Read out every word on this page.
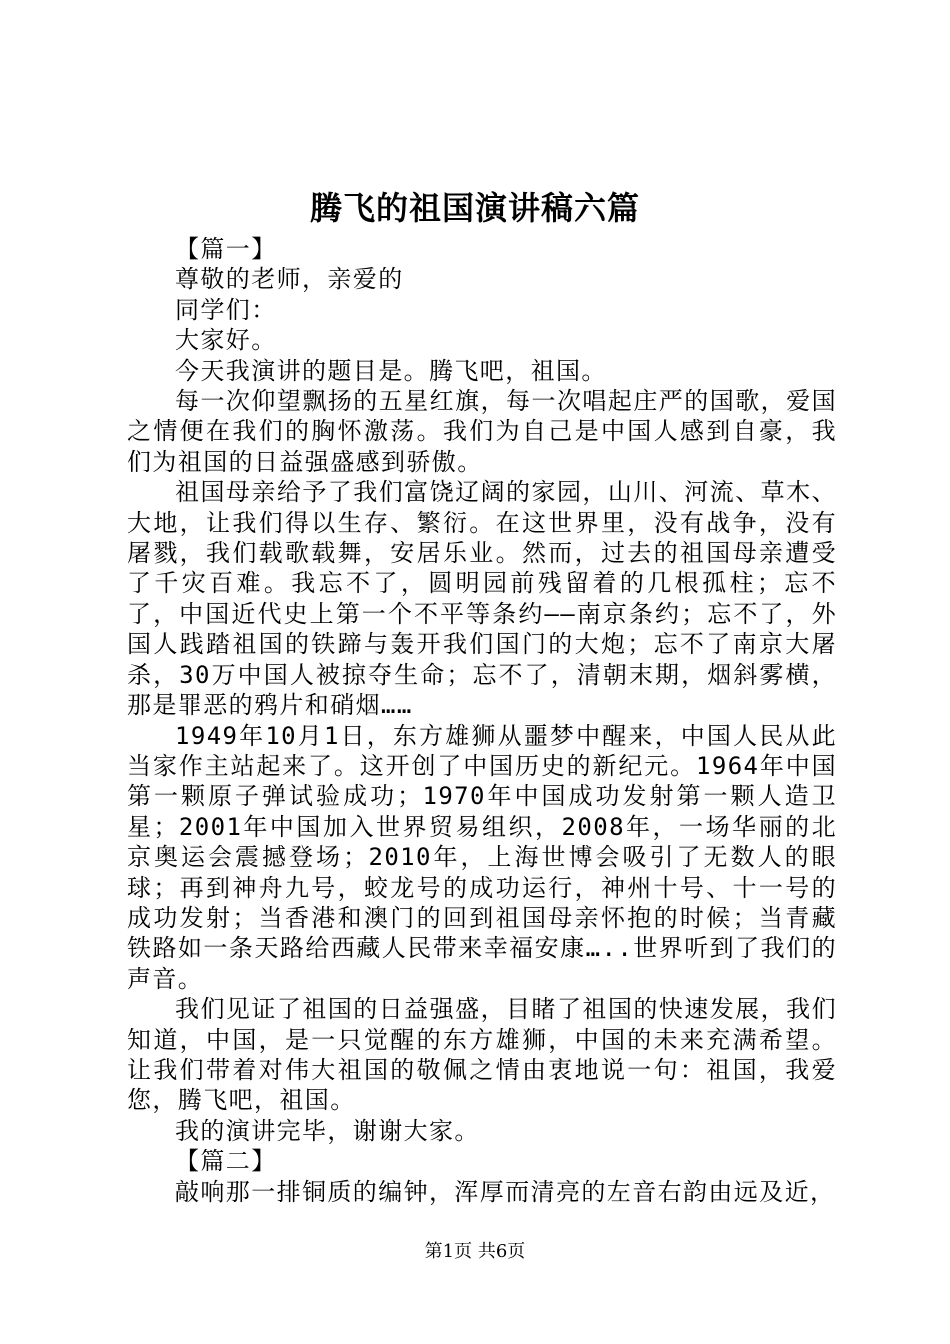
腾飞的祖国演讲稿六篇

【篇一】

尊敬的老师，亲爱的

同学们：

大家好。

今天我演讲的题目是。腾飞吧，祖国。

每一次仰望飘扬的五星红旗，每一次唱起庄严的国歌，爱国之情便在我们的胸怀激荡。我们为自己是中国人感到自豪，我们为祖国的日益强盛感到骄傲。

祖国母亲给予了我们富饶辽阔的家园，山川、河流、草木、大地，让我们得以生存、繁衍。在这世界里，没有战争，没有屠戮，我们载歌载舞，安居乐业。然而，过去的祖国母亲遭受了千灾百难。我忘不了，圆明园前残留着的几根孤柱；忘不了，中国近代史上第一个不平等条约——南京条约；忘不了，外国人践踏祖国的铁蹄与轰开我们国门的大炮；忘不了南京大屠杀，30万中国人被掠夺生命；忘不了，清朝末期，烟斜雾横，那是罪恶的鸦片和硝烟……

1949年10月1日，东方雄狮从噩梦中醒来，中国人民从此当家作主站起来了。这开创了中国历史的新纪元。1964年中国第一颗原子弹试验成功；1970年中国成功发射第一颗人造卫星；2001年中国加入世界贸易组织，2008年，一场华丽的北京奥运会震撼登场；2010年，上海世博会吸引了无数人的眼球；再到神舟九号，蛟龙号的成功运行，神州十号、十一号的成功发射；当香港和澳门的回到祖国母亲怀抱的时候；当青藏铁路如一条天路给西藏人民带来幸福安康…..世界听到了我们的声音。

我们见证了祖国的日益强盛，目睹了祖国的快速发展，我们知道，中国，是一只觉醒的东方雄狮，中国的未来充满希望。让我们带着对伟大祖国的敬佩之情由衷地说一句：祖国，我爱您，腾飞吧，祖国。

我的演讲完毕，谢谢大家。

【篇二】

敲响那一排铜质的编钟，浑厚而清亮的左音右韵由远及近，

第1页 共6页
